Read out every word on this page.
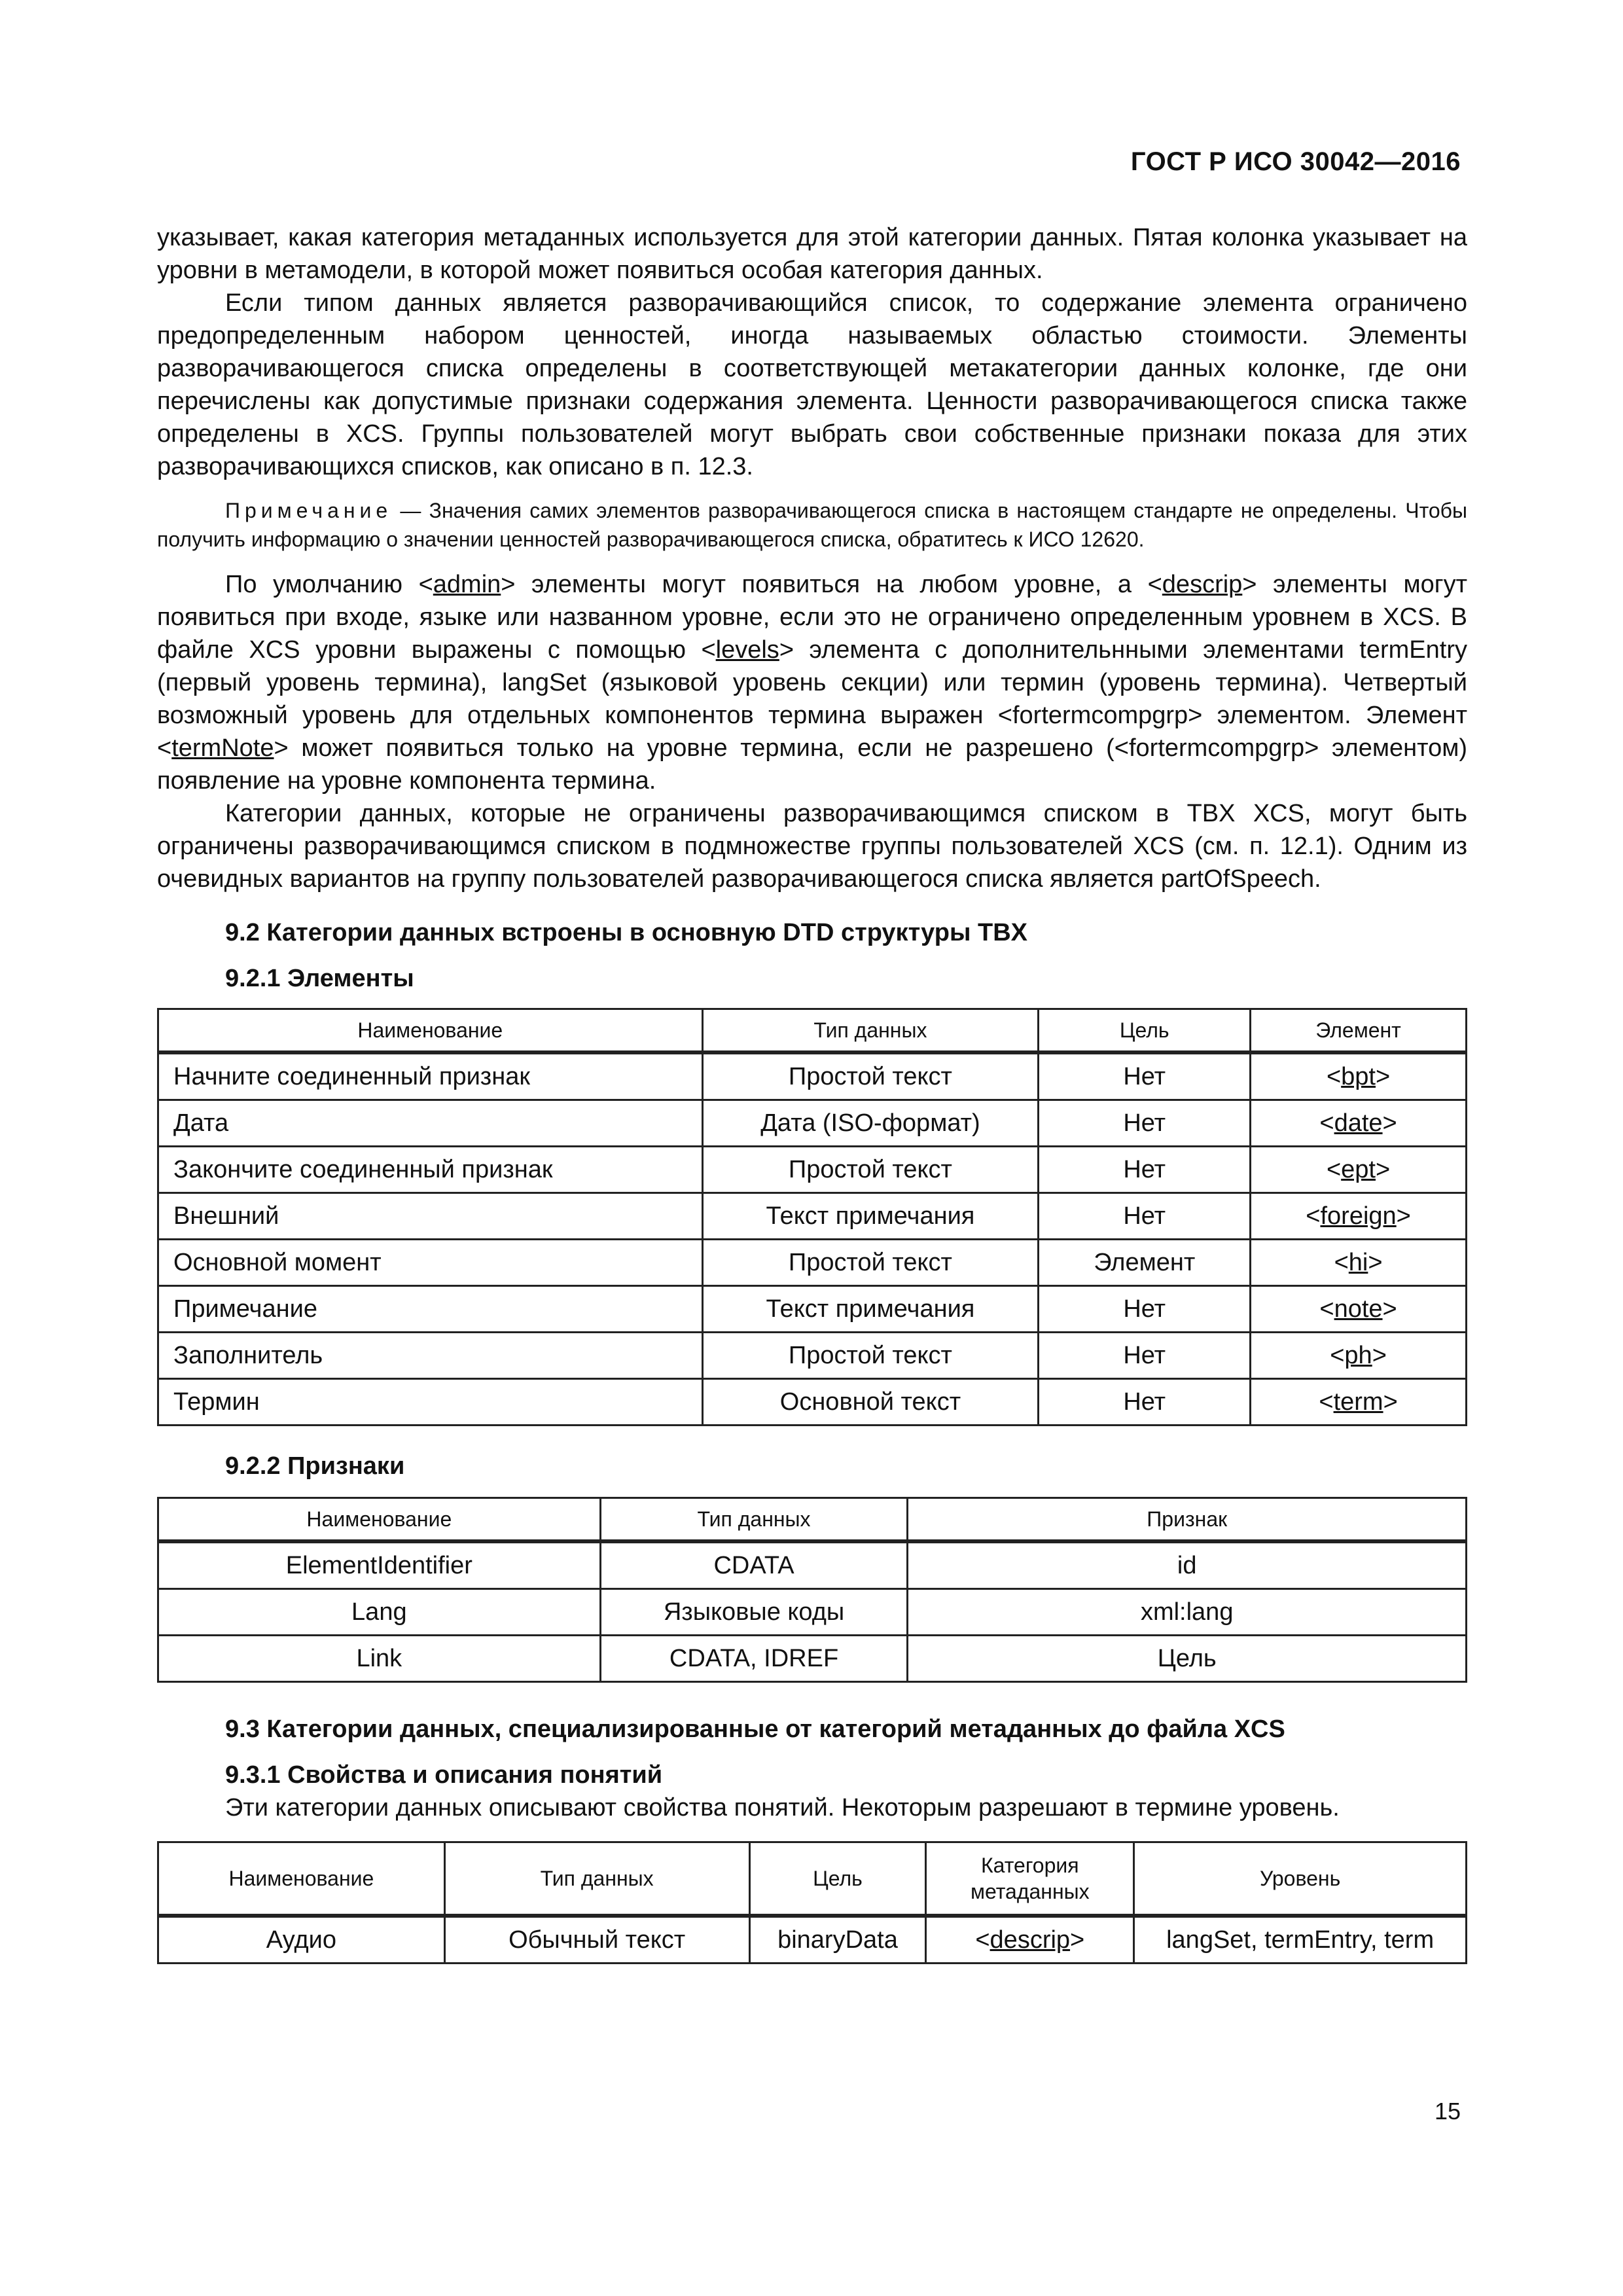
ГОСТ Р ИСО 30042—2016

указывает, какая категория метаданных используется для этой категории данных. Пятая колонка указывает на уровни в метамодели, в которой может появиться особая категория данных.

Если типом данных является разворачивающийся список, то содержание элемента ограничено предопределенным набором ценностей, иногда называемых областью стоимости. Элементы разворачивающегося списка определены в соответствующей метакатегории данных колонке, где они перечислены как допустимые признаки содержания элемента. Ценности разворачивающегося списка также определены в XCS. Группы пользователей могут выбрать свои собственные признаки показа для этих разворачивающихся списков, как описано в п. 12.3.

Примечание — Значения самих элементов разворачивающегося списка в настоящем стандарте не определены. Чтобы получить информацию о значении ценностей разворачивающегося списка, обратитесь к ИСО 12620.

По умолчанию <admin> элементы могут появиться на любом уровне, а <descrip> элементы могут появиться при входе, языке или названном уровне, если это не ограничено определенным уровнем в XCS. В файле XCS уровни выражены с помощью <levels> элемента с дополнительнными элементами termEntry (первый уровень термина), langSet (языковой уровень секции) или термин (уровень термина). Четвертый возможный уровень для отдельных компонентов термина выражен <fortermcompgrp> элементом. Элемент <termNote> может появиться только на уровне термина, если не разрешено (<fortermcompgrp> элементом) появление на уровне компонента термина.

Категории данных, которые не ограничены разворачивающимся списком в TBX XCS, могут быть ограничены разворачивающимся списком в подмножестве группы пользователей XCS (см. п. 12.1). Одним из очевидных вариантов на группу пользователей разворачивающегося списка является partOfSpeech.

9.2 Категории данных встроены в основную DTD структуры TBX
9.2.1 Элементы
Наименование	Тип данных	Цель	Элемент
Начните соединенный признак	Простой текст	Нет	<bpt>
Дата	Дата (ISO-формат)	Нет	<date>
Закончите соединенный признак	Простой текст	Нет	<ept>
Внешний	Текст примечания	Нет	<foreign>
Основной момент	Простой текст	Элемент	<hi>
Примечание	Текст примечания	Нет	<note>
Заполнитель	Простой текст	Нет	<ph>
Термин	Основной текст	Нет	<term>
9.2.2 Признаки
Наименование	Тип данных	Признак
ElementIdentifier	CDATA	id
Lang	Языковые коды	xml:lang
Link	CDATA, IDREF	Цель
9.3 Категории данных, специализированные от категорий метаданных до файла XCS
9.3.1 Свойства и описания понятий

Эти категории данных описывают свойства понятий. Некоторым разрешают в термине уровень.

Наименование	Тип данных	Цель	Категория метаданных	Уровень
Аудио	Обычный текст	binaryData	<descrip>	langSet, termEntry, term
15
